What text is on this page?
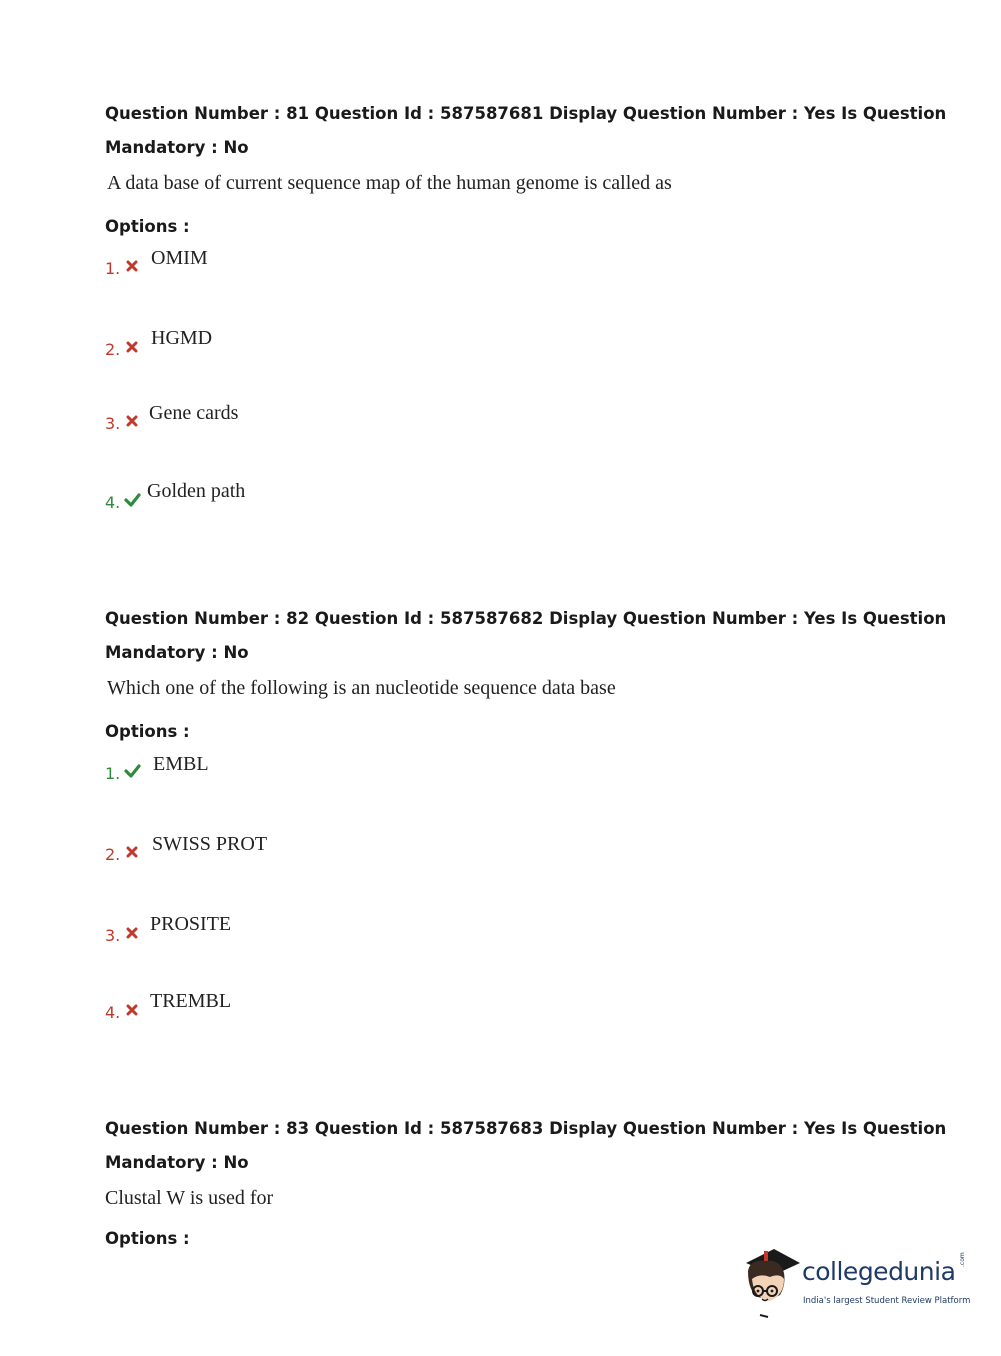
Question Number : 81 Question Id : 587587681 Display Question Number : Yes Is Question
Mandatory : No
A data base of current sequence map of the human genome is called as
Options :
1. OMIM
2.
HGMD
3. Gene cards
4.
Golden path
Question Number : 82 Question Id : 587587682 Display Question Number : Yes Is Question
Mandatory : No
Which one of the following is an nucleotide sequence data base
Options :
1. EMBL
2. SWISS PROT
3.
PROSITE
4.
TREMBL
Question Number : 83 Question Id : 587587683 Display Question Number : Yes Is Question
Mandatory : No
Clustal W is used for
Options :
collegedunia .com
India's largest Student Review Platform
